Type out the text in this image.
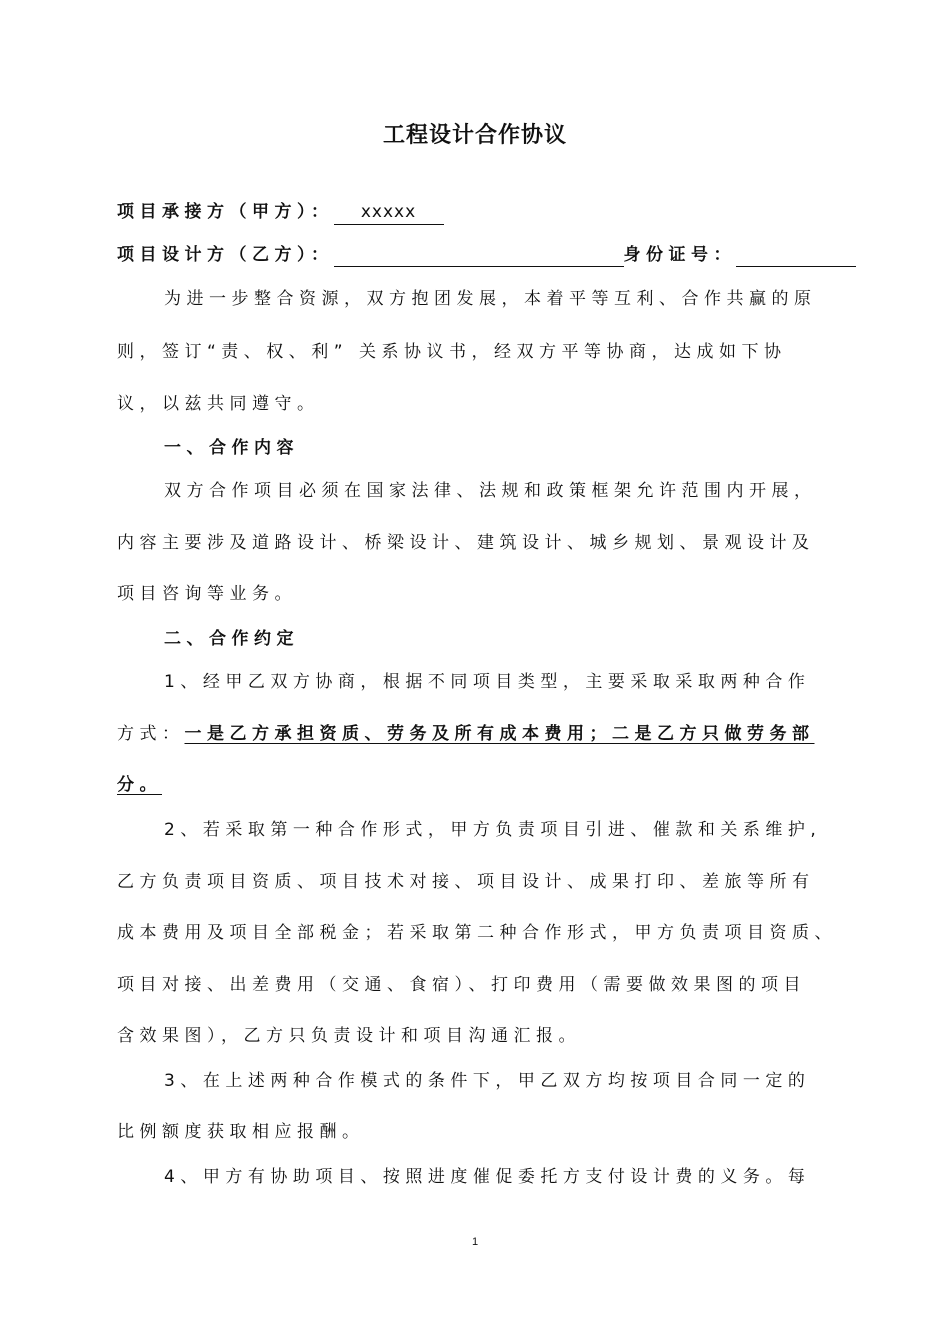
工程设计合作协议
项目承接方（甲方）： xxxxx
项目设计方（乙方）：	身份证号：
为进一步整合资源，双方抱团发展，本着平等互利、合作共赢的原
则，签订“责、权、利” 关系协议书，经双方平等协商，达成如下协
议，以兹共同遵守。
一、合作内容
双方合作项目必须在国家法律、法规和政策框架允许范围内开展，
内容主要涉及道路设计、桥梁设计、建筑设计、城乡规划、景观设计及
项目咨询等业务。
二、合作约定
1、经甲乙双方协商，根据不同项目类型，主要采取采取两种合作
方式：一是乙方承担资质、劳务及所有成本费用；二是乙方只做劳务部
分。
2、若采取第一种合作形式，甲方负责项目引进、催款和关系维护,
乙方负责项目资质、项目技术对接、项目设计、成果打印、差旅等所有
成本费用及项目全部税金；若采取第二种合作形式，甲方负责项目资质、
项目对接、出差费用（交通、食宿）、打印费用（需要做效果图的项目
含效果图），乙方只负责设计和项目沟通汇报。
3、在上述两种合作模式的条件下，甲乙双方均按项目合同一定的
比例额度获取相应报酬。
4、甲方有协助项目、按照进度催促委托方支付设计费的义务。每
1
